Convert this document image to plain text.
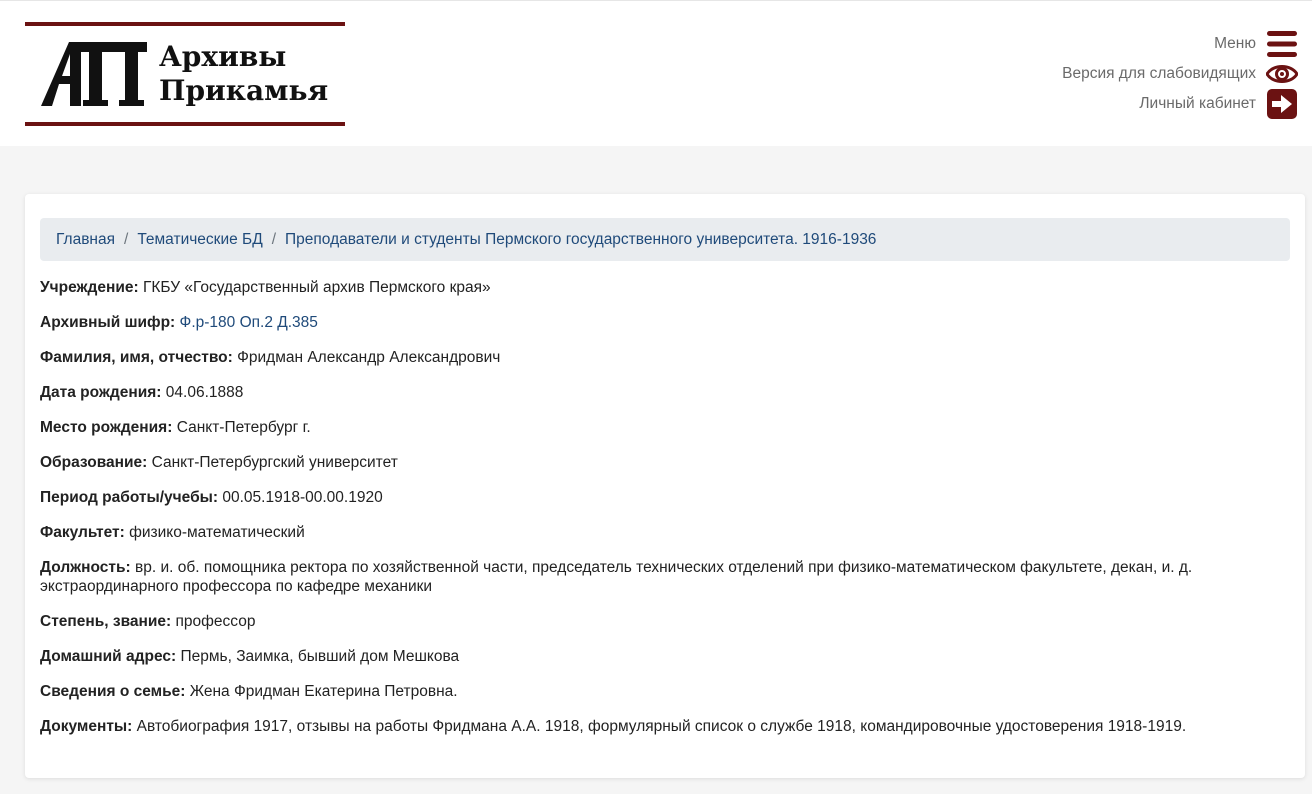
Архивы
Прикамья
Меню
Версия для слабовидящих
Личный кабинет
Главная / Тематические БД / Преподаватели и студенты Пермского государственного университета. 1916-1936
Учреждение: ГКБУ «Государственный архив Пермского края»
Архивный шифр: Ф.р-180 Оп.2 Д.385
Фамилия, имя, отчество: Фридман Александр Александрович
Дата рождения: 04.06.1888
Место рождения: Санкт-Петербург г.
Образование: Санкт-Петербургский университет
Период работы/учебы: 00.05.1918-00.00.1920
Факультет: физико-математический
Должность: вр. и. об. помощника ректора по хозяйственной части, председатель технических отделений при физико-математическом факультете, декан, и. д. экстраординарного профессора по кафедре механики
Степень, звание: профессор
Домашний адрес: Пермь, Заимка, бывший дом Мешкова
Сведения о семье: Жена Фридман Екатерина Петровна.
Документы: Автобиография 1917, отзывы на работы Фридмана А.А. 1918, формулярный список о службе 1918, командировочные удостоверения 1918-1919.
